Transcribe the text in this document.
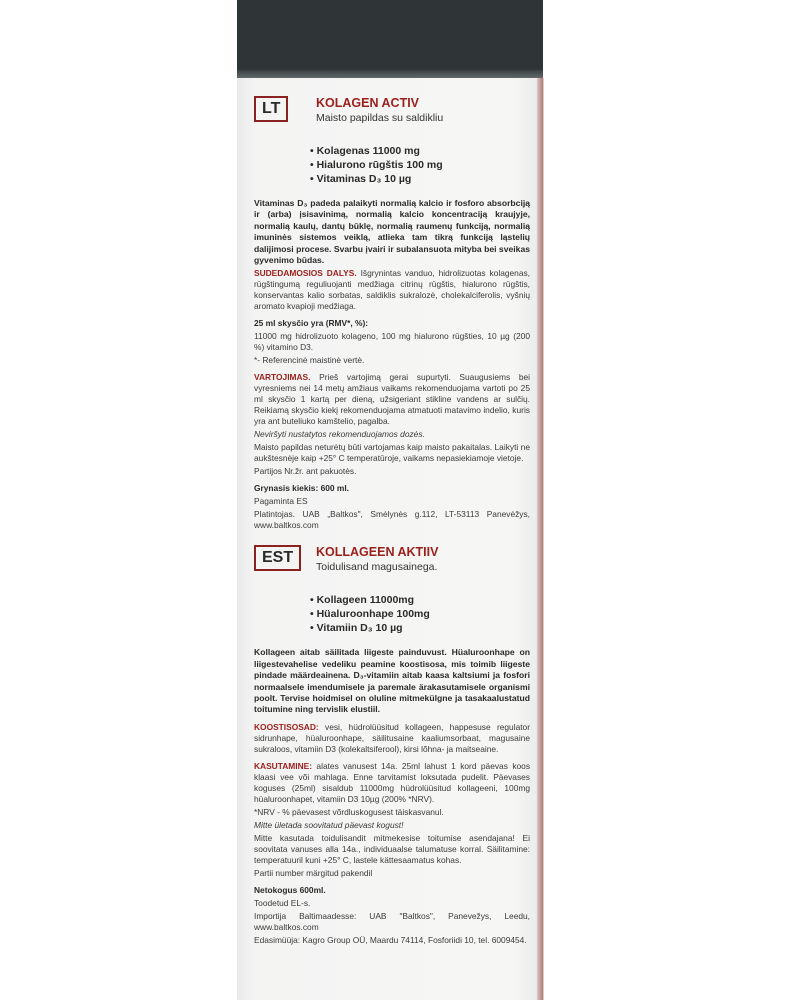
LT	KOLAGEN ACTIV
Maisto papildas su saldikliu
• Kolagenas 11000 mg
• Hialurono rūgštis 100 mg
• Vitaminas D₃ 10 µg
Vitaminas D₃ padeda palaikyti normalią kalcio ir fosforo absorbciją ir (arba) įsisavinimą, normalią kalcio koncentraciją kraujyje, normalią kaulų, dantų būklę, normalią raumenų funkciją, normalią imuninės sistemos veiklą, atlieka tam tikrą funkciją ląstelių dalijimosi procese. Svarbu įvairi ir subalansuota mityba bei sveikas gyvenimo būdas.
SUDEDAMOSIOS DALYS. Išgrynintas vanduo, hidrolizuotas kolagenas, rūgštingumą reguliuojanti medžiaga citrinų rūgštis, hialurono rūgštis, konservantas kalio sorbatas, saldiklis sukralozė, cholekalciferolis, vyšnių aromato kvapioji medžiaga.
25 ml skysčio yra (RMV*, %):
11000 mg hidrolizuoto kolageno, 100 mg hialurono rūgšties, 10 µg (200 %) vitamino D3.
*- Referencinė maistinė vertė.
VARTOJIMAS. Prieš vartojimą gerai supurtyti. Suaugusiems bei vyresniems nei 14 metų amžiaus vaikams rekomenduojama vartoti po 25 ml skysčio 1 kartą per dieną, užsigeriant stikline vandens ar sulčių. Reikiamą skysčio kiekį rekomenduojama atmatuoti matavimo indelio, kuris yra ant buteliuko kamštelio, pagalba.
Neviršyti nustatytos rekomenduojamos dozės.
Maisto papildas neturėtų būti vartojamas kaip maisto pakaitalas. Laikyti ne aukštesnėje kaip +25° C temperatūroje, vaikams nepasiekiamoje vietoje.
Partijos Nr.žr. ant pakuotės.
Grynasis kiekis: 600 ml.
Pagaminta ES
Platintojas. UAB „Baltkos", Smėlynės g.112, LT-53113 Panevėžys, www.baltkos.com
EST	KOLLAGEEN AKTIIV
Toidulisand magusainega.
• Kollageen 11000mg
• Hüaluroonhape 100mg
• Vitamiin D₃ 10 µg
Kollageen aitab säilitada liigeste painduvust. Hüaluroonhape on liigestevahelise vedeliku peamine koostisosa, mis toimib liigeste pindade määrdeainena. D₃-vitamiin aitab kaasa kaltsiumi ja fosfori normaalsele imendumisele ja paremale ärakasutamisele organismi poolt. Tervise hoidmisel on oluline mitmekülgne ja tasakaalustatud toitumine ning tervislik elustiil.
KOOSTISOSAD: vesi, hüdrolüüsitud kollageen, happesuse regulator sidrunhape, hüaluroonhape, säilitusaine kaaliumsorbaat, magusaine sukraloos, vitamiin D3 (kolekaltsiferool), kirsi lõhna- ja maitseaine.
KASUTAMINE: alates vanusest 14a. 25ml lahust 1 kord päevas koos klaasi vee või mahlaga. Enne tarvitamist loksutada pudelit. Päevases koguses (25ml) sisaldub 11000mg hüdrolüüsitud kollageeni, 100mg hüaluroonhapet, vitamiin D3 10µg (200% *NRV).
*NRV - % päevasest võrdluskogusest täiskasvanul.
Mitte ületada soovitatud päevast kogust!
Mitte kasutada toidulisandit mitmekesise toitumise asendajana! Ei soovitata vanuses alla 14a., individuaalse talumatuse korral. Säilitamine: temperatuuril kuni +25° C, lastele kättesaamatus kohas.
Partii number märgitud pakendil
Netokogus 600ml.
Toodetud EL-s.
Importija Baltimaadesse: UAB "Baltkos", Panevežys, Leedu, www.baltkos.com
Edasimüüja: Kagro Group OÜ, Maardu 74114, Fosforiidi 10, tel. 6009454.
